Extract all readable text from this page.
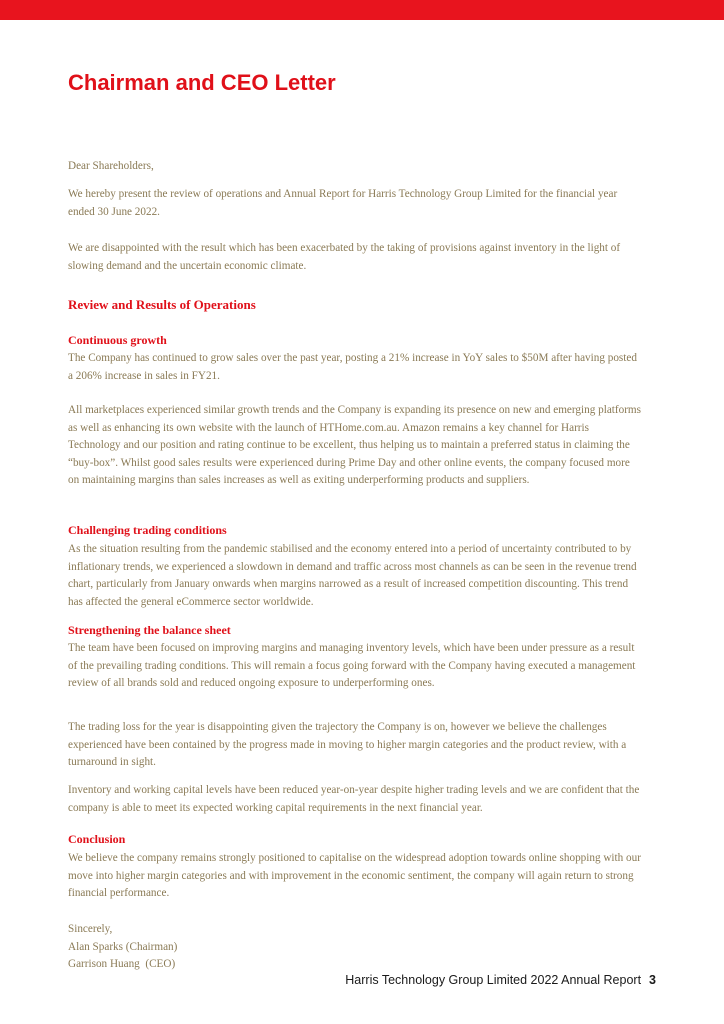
Chairman and CEO Letter

Dear Shareholders,

We hereby present the review of operations and Annual Report for Harris Technology Group Limited for the financial year ended 30 June 2022.

We are disappointed with the result which has been exacerbated by the taking of provisions against inventory in the light of slowing demand and the uncertain economic climate.

Review and Results of Operations
Continuous growth

The Company has continued to grow sales over the past year, posting a 21% increase in YoY sales to $50M after having posted a 206% increase in sales in FY21.

All marketplaces experienced similar growth trends and the Company is expanding its presence on new and emerging platforms as well as enhancing its own website with the launch of HTHome.com.au. Amazon remains a key channel for Harris Technology and our position and rating continue to be excellent, thus helping us to maintain a preferred status in claiming the “buy-box”. Whilst good sales results were experienced during Prime Day and other online events, the company focused more on maintaining margins than sales increases as well as exiting underperforming products and suppliers.

Challenging trading conditions

As the situation resulting from the pandemic stabilised and the economy entered into a period of uncertainty contributed to by inflationary trends, we experienced a slowdown in demand and traffic across most channels as can be seen in the revenue trend chart, particularly from January onwards when margins narrowed as a result of increased competition discounting. This trend has affected the general eCommerce sector worldwide.

Strengthening the balance sheet

The team have been focused on improving margins and managing inventory levels, which have been under pressure as a result of the prevailing trading conditions. This will remain a focus going forward with the Company having executed a management review of all brands sold and reduced ongoing exposure to underperforming ones.

The trading loss for the year is disappointing given the trajectory the Company is on, however we believe the challenges experienced have been contained by the progress made in moving to higher margin categories and the product review, with a turnaround in sight.

Inventory and working capital levels have been reduced year-on-year despite higher trading levels and we are confident that the company is able to meet its expected working capital requirements in the next financial year.

Conclusion

We believe the company remains strongly positioned to capitalise on the widespread adoption towards online shopping with our move into higher margin categories and with improvement in the economic sentiment, the company will again return to strong financial performance.

Sincerely,
Alan Sparks (Chairman)
Garrison Huang  (CEO)
Harris Technology Group Limited 2022 Annual Report 3
